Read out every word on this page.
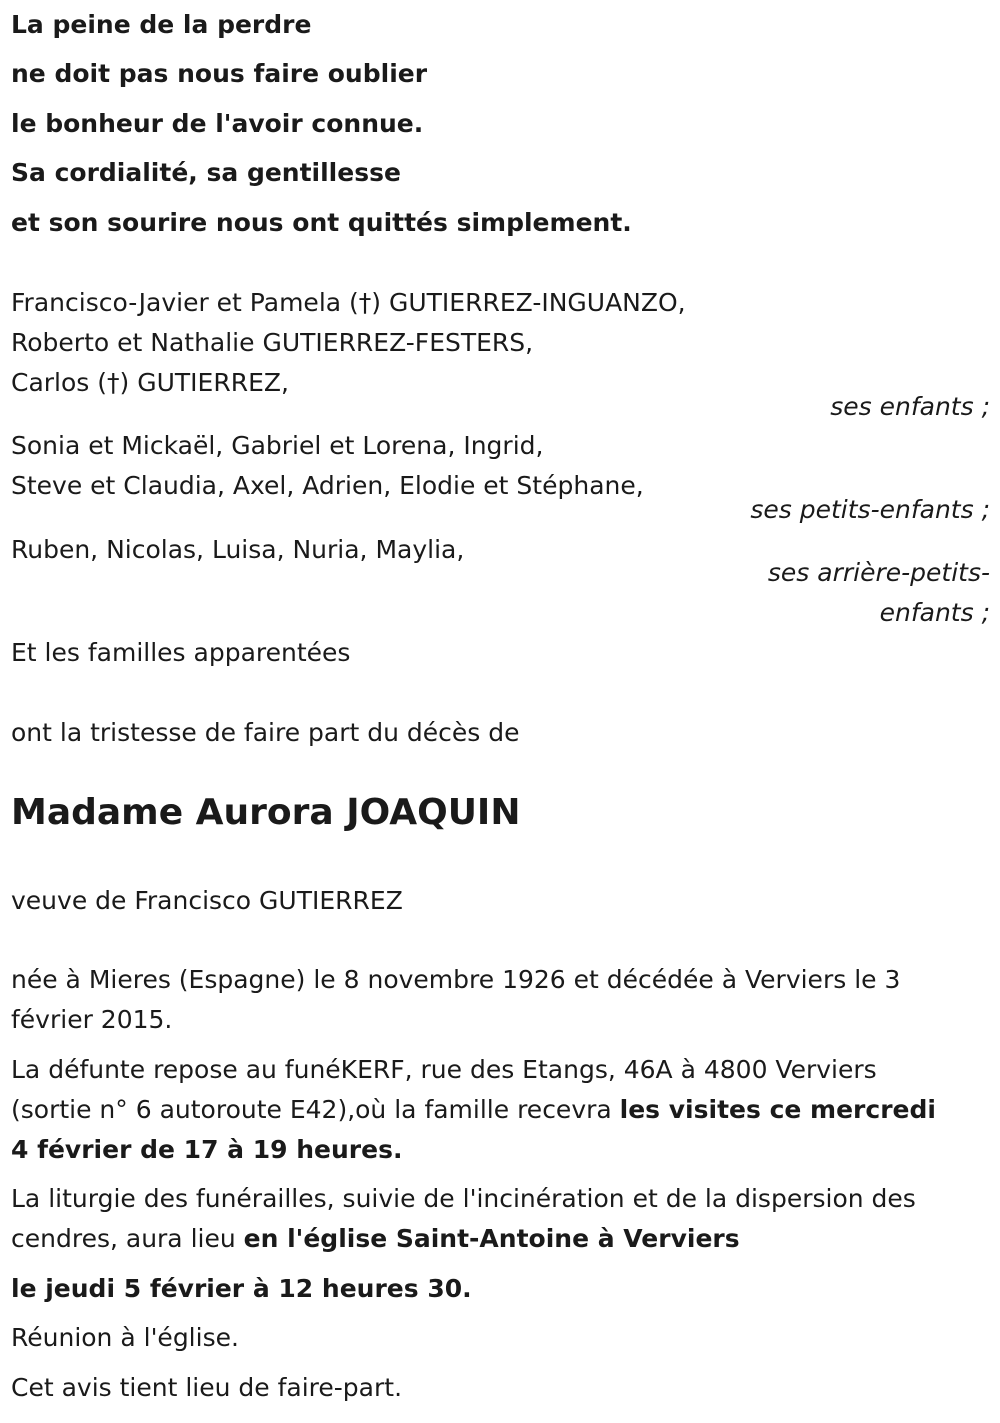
La peine de la perdre
ne doit pas nous faire oublier
le bonheur de l'avoir connue.
Sa cordialité, sa gentillesse
et son sourire nous ont quittés simplement.
Francisco-Javier et Pamela (†) GUTIERREZ-INGUANZO,
Roberto et Nathalie GUTIERREZ-FESTERS,
Carlos (†) GUTIERREZ,
ses enfants ;
Sonia et Mickaël, Gabriel et Lorena, Ingrid,
Steve et Claudia, Axel, Adrien, Elodie et Stéphane,
ses petits-enfants ;
Ruben, Nicolas, Luisa, Nuria, Maylia,
ses arrière-petits-
enfants ;
Et les familles apparentées
ont la tristesse de faire part du décès de
Madame Aurora JOAQUIN
veuve de Francisco GUTIERREZ
née à Mieres (Espagne) le 8 novembre 1926 et décédée à Verviers le 3
février 2015.
La défunte repose au funéKERF, rue des Etangs, 46A à 4800 Verviers
(sortie n° 6 autoroute E42),où la famille recevra les visites ce mercredi
4 février de 17 à 19 heures.
La liturgie des funérailles, suivie de l'incinération et de la dispersion des
cendres, aura lieu en l'église Saint-Antoine à Verviers
le jeudi 5 février à 12 heures 30.
Réunion à l'église.
Cet avis tient lieu de faire-part.
